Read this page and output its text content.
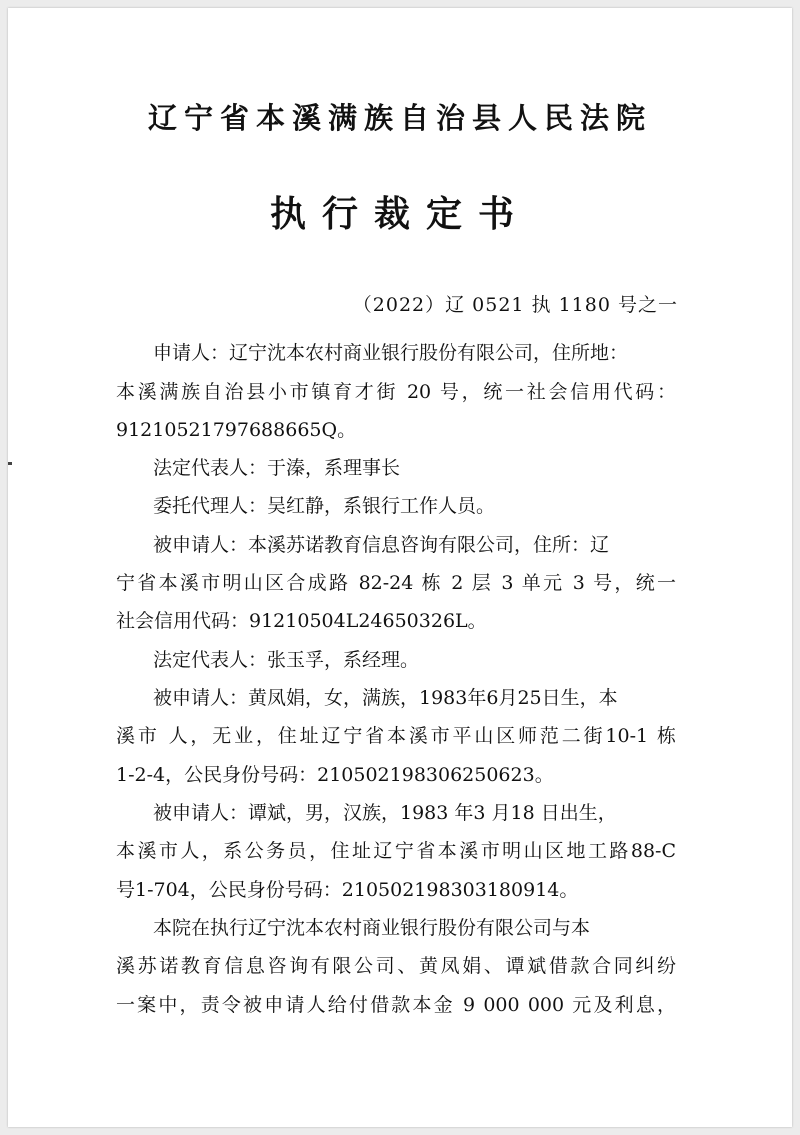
辽宁省本溪满族自治县人民法院
执行裁定书
（2022）辽 0521 执 1180 号之一
申请人：辽宁沈本农村商业银行股份有限公司，住所地：
本溪满族自治县小市镇育才街 20 号，统一社会信用代码：
91210521797688665Q。
法定代表人：于溱，系理事长
委托代理人：吴红静，系银行工作人员。
被申请人：本溪苏诺教育信息咨询有限公司，住所：辽
宁省本溪市明山区合成路 82-24 栋 2 层 3 单元 3 号，统一
社会信用代码：91210504L24650326L。
法定代表人：张玉孚，系经理。
被申请人：黄凤娟，女，满族，1983年6月25日生，本
溪市 人，无业，住址辽宁省本溪市平山区师范二街10-1 栋
1-2-4，公民身份号码：210502198306250623。
被申请人：谭斌，男，汉族，1983 年3 月18 日出生，
本溪市人，系公务员，住址辽宁省本溪市明山区地工路88-C
号1-704，公民身份号码：210502198303180914。
本院在执行辽宁沈本农村商业银行股份有限公司与本
溪苏诺教育信息咨询有限公司、黄凤娟、谭斌借款合同纠纷
一案中，责令被申请人给付借款本金 9 000 000 元及利息，
